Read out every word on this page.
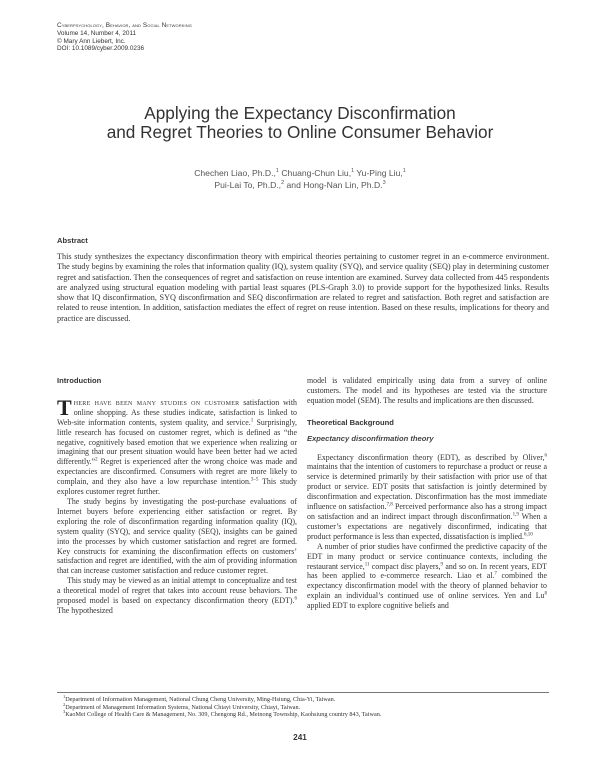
Cyberpsychology, Behavior, and Social Networking
Volume 14, Number 4, 2011
© Mary Ann Liebert, Inc.
DOI: 10.1089/cyber.2009.0236
Applying the Expectancy Disconfirmation
and Regret Theories to Online Consumer Behavior
Chechen Liao, Ph.D.,$^1$ Chuang-Chun Liu,$^1$ Yu-Ping Liu,$^1$
Pui-Lai To, Ph.D.,$^2$ and Hong-Nan Lin, Ph.D.$^3$
Abstract

This study synthesizes the expectancy disconfirmation theory with empirical theories pertaining to customer regret in an e-commerce environment. The study begins by examining the roles that information quality (IQ), system quality (SYQ), and service quality (SEQ) play in determining customer regret and satisfaction. Then the consequences of regret and satisfaction on reuse intention are examined. Survey data collected from 445 respondents are analyzed using structural equation modeling with partial least squares (PLS-Graph 3.0) to provide support for the hypothesized links. Results show that IQ disconfirmation, SYQ disconfirmation and SEQ disconfirmation are related to regret and satisfaction. Both regret and satisfaction are related to reuse intention. In addition, satisfaction mediates the effect of regret on reuse intention. Based on these results, implications for theory and practice are discussed.

Introduction

There have been many studies on customer satisfaction with online shopping. As these studies indicate, satisfaction is linked to Web-site information contents, system quality, and service.$^1$ Surprisingly, little research has focused on customer regret, which is defined as “the negative, cognitively based emotion that we experience when realizing or imagining that our present situation would have been better had we acted differently.”$^2$ Regret is experienced after the wrong choice was made and expectancies are disconfirmed. Consumers with regret are more likely to complain, and they also have a low repurchase intention.$^{3-5}$ This study explores customer regret further.

The study begins by investigating the post-purchase evaluations of Internet buyers before experiencing either satisfaction or regret. By exploring the role of disconfirmation regarding information quality (IQ), system quality (SYQ), and service quality (SEQ), insights can be gained into the processes by which customer satisfaction and regret are formed. Key constructs for examining the disconfirmation effects on customers’ satisfaction and regret are identified, with the aim of providing information that can increase customer satisfaction and reduce customer regret.

This study may be viewed as an initial attempt to conceptualize and test a theoretical model of regret that takes into account reuse behaviors. The proposed model is based on expectancy disconfirmation theory (EDT).$^6$ The hypothesized

model is validated empirically using data from a survey of online customers. The model and its hypotheses are tested via the structure equation model (SEM). The results and implications are then discussed.

Theoretical Background
Expectancy disconfirmation theory

Expectancy disconfirmation theory (EDT), as described by Oliver,$^6$ maintains that the intention of customers to repurchase a product or reuse a service is determined primarily by their satisfaction with prior use of that product or service. EDT posits that satisfaction is jointly determined by disconfirmation and expectation. Disconfirmation has the most immediate influence on satisfaction.$^{7,8}$ Perceived performance also has a strong impact on satisfaction and an indirect impact through disconfirmation.$^{1,9}$ When a customer’s expectations are negatively disconfirmed, indicating that product performance is less than expected, dissatisfaction is implied.$^{6,10}$

A number of prior studies have confirmed the predictive capacity of the EDT in many product or service continuance contexts, including the restaurant service,$^{11}$ compact disc players,$^9$ and so on. In recent years, EDT has been applied to e-commerce research. Liao et al.$^7$ combined the expectancy disconfirmation model with the theory of planned behavior to explain an individual’s continued use of online services. Yen and Lu$^8$ applied EDT to explore cognitive beliefs and

$^1$Department of Information Management, National Chung Cheng University, Ming-Hsiung, Chia-Yi, Taiwan.
$^2$Department of Management Information Systems, National Chiayi University, Chiayi, Taiwan.
$^3$KaoMei College of Health Care & Management, No. 309, Chengong Rd., Meinong Township, Kaohsiung country 843, Taiwan.
241
